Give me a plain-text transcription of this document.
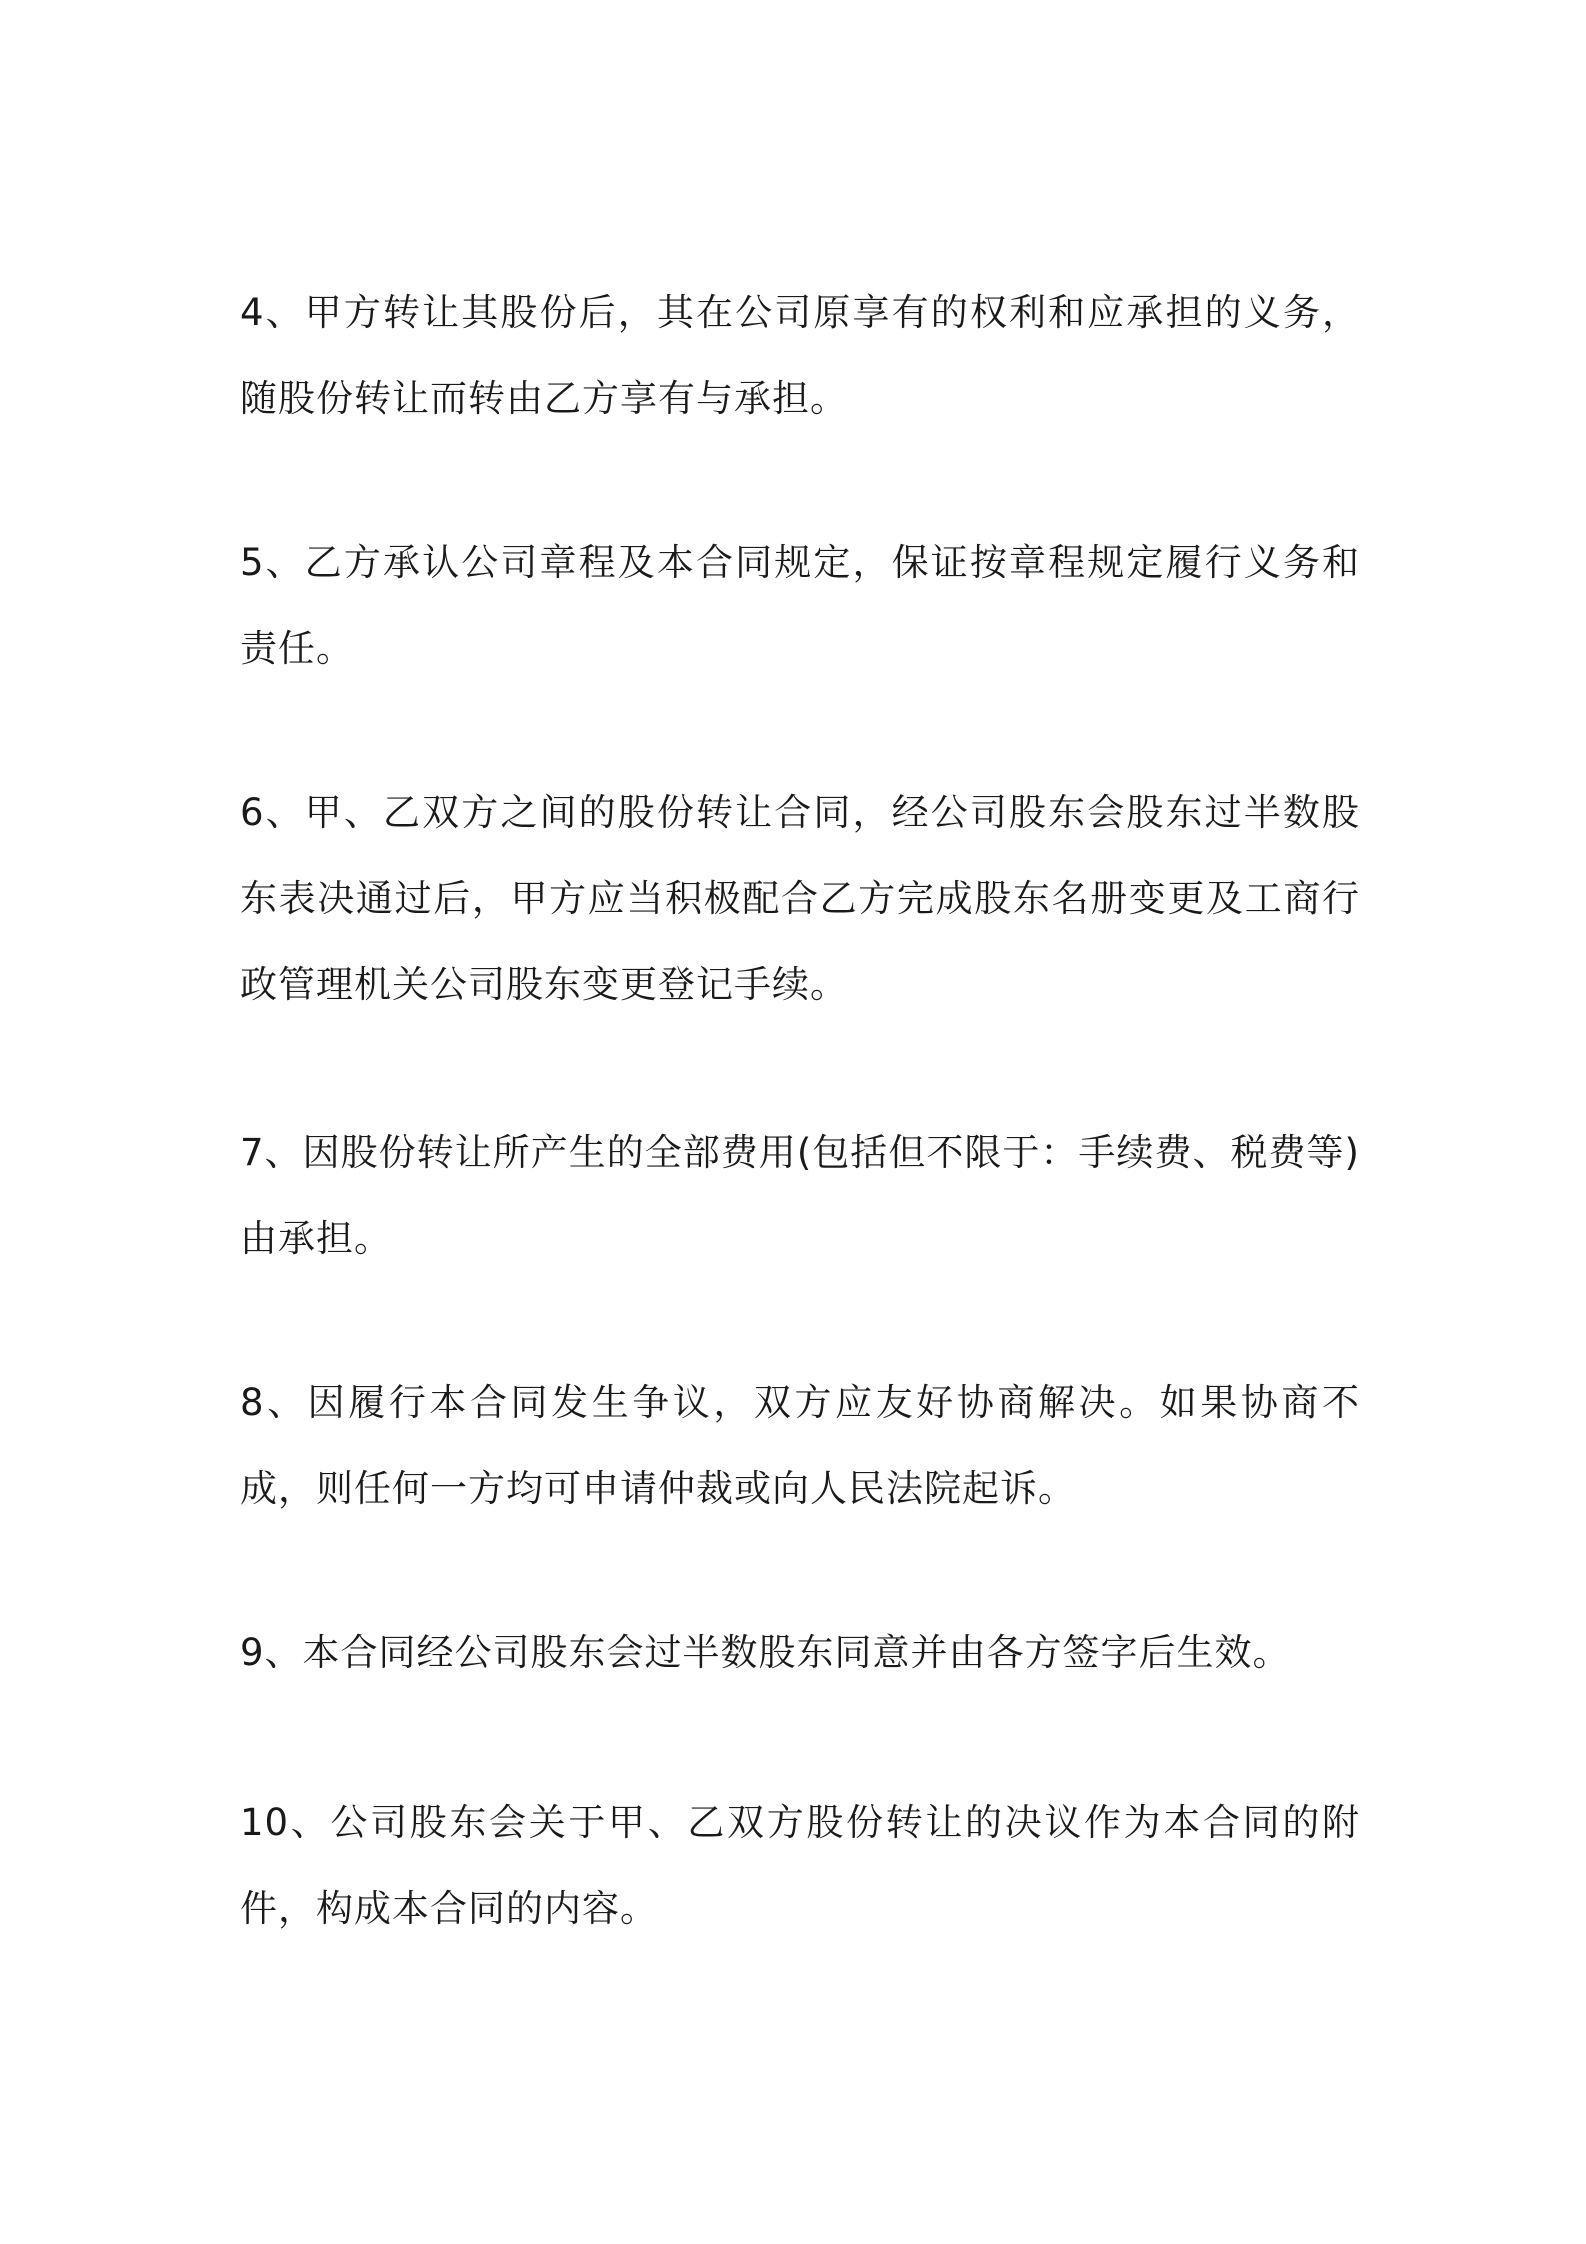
4、甲方转让其股份后，其在公司原享有的权利和应承担的义务，随股份转让而转由乙方享有与承担。

5、乙方承认公司章程及本合同规定，保证按章程规定履行义务和责任。

6、甲、乙双方之间的股份转让合同，经公司股东会股东过半数股东表决通过后，甲方应当积极配合乙方完成股东名册变更及工商行政管理机关公司股东变更登记手续。

7、因股份转让所产生的全部费用(包括但不限于：手续费、税费等)由承担。

8、因履行本合同发生争议，双方应友好协商解决。如果协商不成，则任何一方均可申请仲裁或向人民法院起诉。

9、本合同经公司股东会过半数股东同意并由各方签字后生效。

10、公司股东会关于甲、乙双方股份转让的决议作为本合同的附件，构成本合同的内容。
